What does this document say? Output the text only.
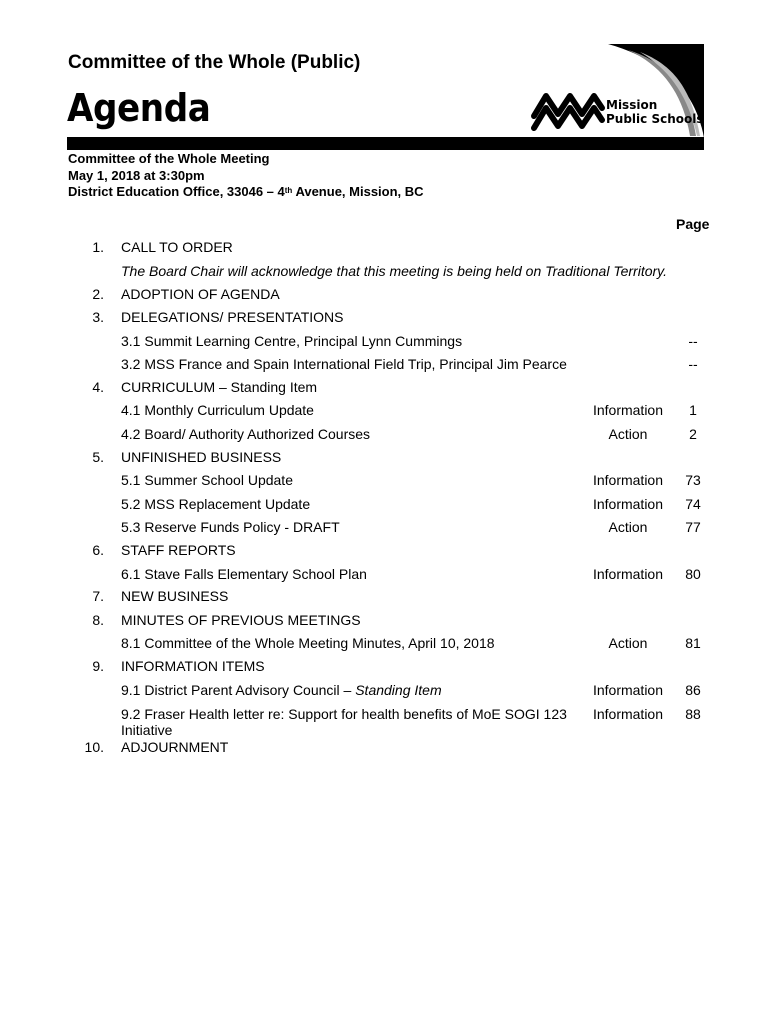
Committee of the Whole (Public)
Agenda	Mission
Public Schools
Committee of the Whole Meeting
May 1, 2018 at 3:30pm
District Education Office, 33046 – 4th Avenue, Mission, BC
Page
1. CALL TO ORDER
The Board Chair will acknowledge that this meeting is being held on Traditional Territory.
2. ADOPTION OF AGENDA
3. DELEGATIONS/ PRESENTATIONS
3.1 Summit Learning Centre, Principal Lynn Cummings	--
3.2 MSS France and Spain International Field Trip, Principal Jim Pearce	--
4. CURRICULUM – Standing Item
4.1 Monthly Curriculum Update	Information	1
4.2 Board/ Authority Authorized Courses	Action	2
5. UNFINISHED BUSINESS
5.1 Summer School Update	Information	73
5.2 MSS Replacement Update	Information	74
5.3 Reserve Funds Policy - DRAFT	Action	77
6. STAFF REPORTS
6.1 Stave Falls Elementary School Plan	Information	80
7. NEW BUSINESS
8. MINUTES OF PREVIOUS MEETINGS
8.1 Committee of the Whole Meeting Minutes, April 10, 2018	Action	81
9. INFORMATION ITEMS
9.1 District Parent Advisory Council – Standing Item	Information	86
9.2 Fraser Health letter re: Support for health benefits of MoE SOGI 123
Initiative
Information	88
10. ADJOURNMENT
